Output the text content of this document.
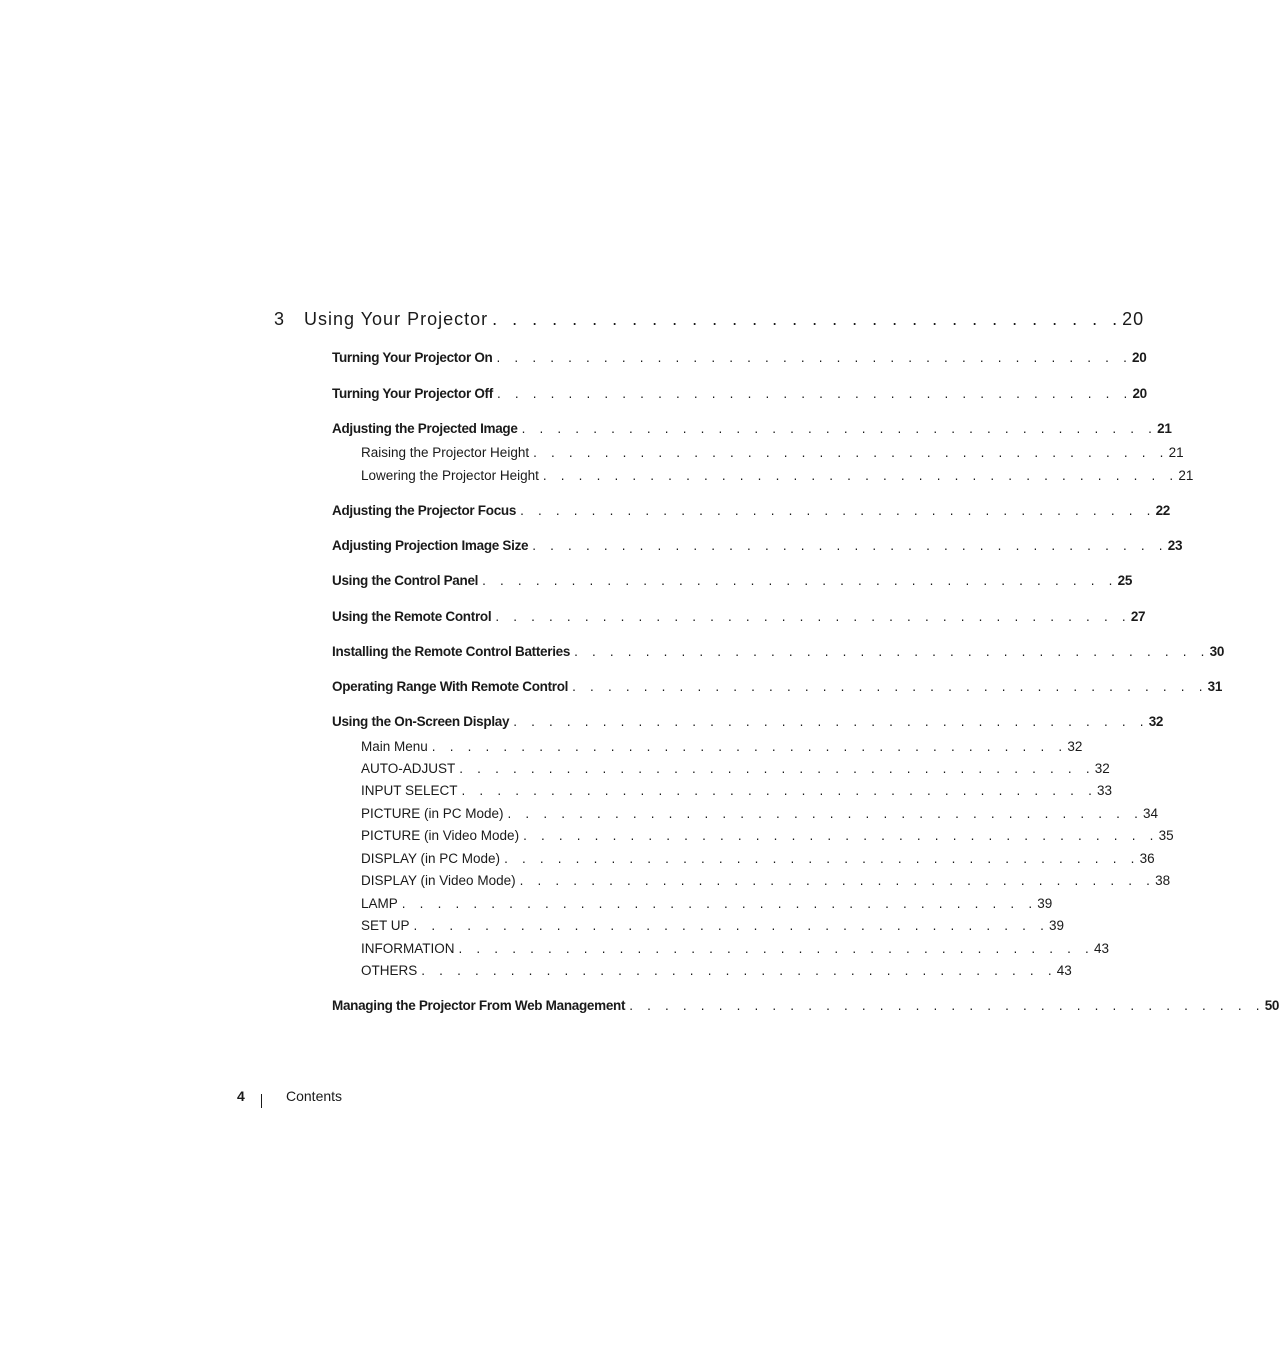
3 Using Your Projector . . . . . . . . . . . . . . . . . . . . . . . . . . . . . . . . 20
Turning Your Projector On . . . . . . . . . . . . . . . . . . . . . . . . . . . . . . . . . . . . 20
Turning Your Projector Off . . . . . . . . . . . . . . . . . . . . . . . . . . . . . . . . . . . . 20
Adjusting the Projected Image . . . . . . . . . . . . . . . . . . . . . . . . . . . . . . . . . . . . 21
Raising the Projector Height . . . . . . . . . . . . . . . . . . . . . . . . . . . . . . . . . . . . 21
Lowering the Projector Height . . . . . . . . . . . . . . . . . . . . . . . . . . . . . . . . . . . . 21
Adjusting the Projector Focus . . . . . . . . . . . . . . . . . . . . . . . . . . . . . . . . . . . . 22
Adjusting Projection Image Size . . . . . . . . . . . . . . . . . . . . . . . . . . . . . . . . . . . . 23
Using the Control Panel . . . . . . . . . . . . . . . . . . . . . . . . . . . . . . . . . . . . 25
Using the Remote Control . . . . . . . . . . . . . . . . . . . . . . . . . . . . . . . . . . . . 27
Installing the Remote Control Batteries . . . . . . . . . . . . . . . . . . . . . . . . . . . . . . . . . . . . 30
Operating Range With Remote Control . . . . . . . . . . . . . . . . . . . . . . . . . . . . . . . . . . . . 31
Using the On-Screen Display . . . . . . . . . . . . . . . . . . . . . . . . . . . . . . . . . . . . 32
Main Menu . . . . . . . . . . . . . . . . . . . . . . . . . . . . . . . . . . . . 32
AUTO-ADJUST . . . . . . . . . . . . . . . . . . . . . . . . . . . . . . . . . . . . 32
INPUT SELECT . . . . . . . . . . . . . . . . . . . . . . . . . . . . . . . . . . . . 33
PICTURE (in PC Mode) . . . . . . . . . . . . . . . . . . . . . . . . . . . . . . . . . . . . 34
PICTURE (in Video Mode) . . . . . . . . . . . . . . . . . . . . . . . . . . . . . . . . . . . . 35
DISPLAY (in PC Mode) . . . . . . . . . . . . . . . . . . . . . . . . . . . . . . . . . . . . 36
DISPLAY (in Video Mode) . . . . . . . . . . . . . . . . . . . . . . . . . . . . . . . . . . . . 38
LAMP . . . . . . . . . . . . . . . . . . . . . . . . . . . . . . . . . . . . 39
SET UP . . . . . . . . . . . . . . . . . . . . . . . . . . . . . . . . . . . . 39
INFORMATION . . . . . . . . . . . . . . . . . . . . . . . . . . . . . . . . . . . . 43
OTHERS . . . . . . . . . . . . . . . . . . . . . . . . . . . . . . . . . . . . 43
Managing the Projector From Web Management . . . . . . . . . . . . . . . . . . . . . . . . . . . . . . . . . . . . 50
4	Contents
